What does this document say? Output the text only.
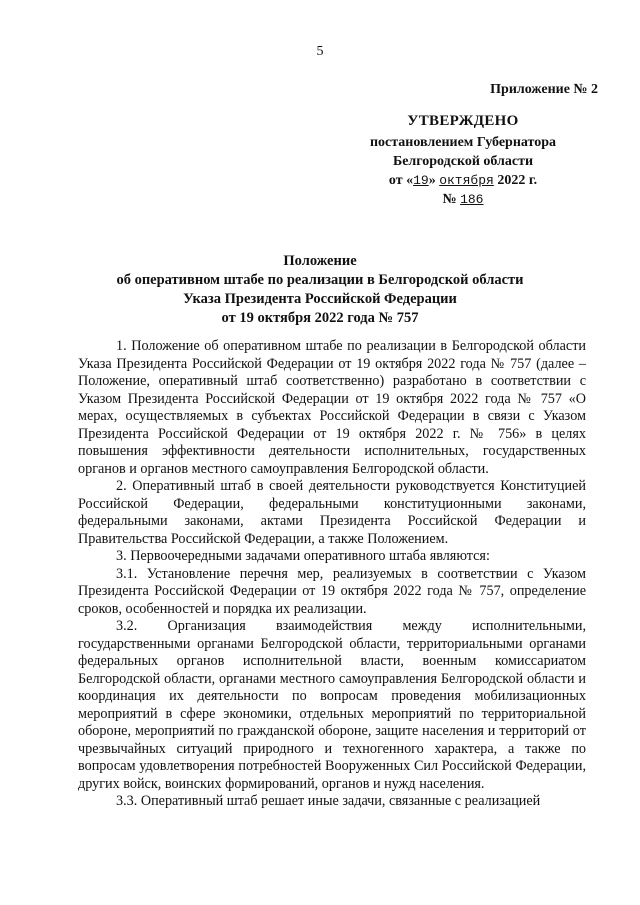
5
Приложение № 2
УТВЕРЖДЕНО
постановлением Губернатора
Белгородской области
от «19» октября 2022 г.
№ 186
Положение
об оперативном штабе по реализации в Белгородской области
Указа Президента Российской Федерации
от 19 октября 2022 года № 757

1. Положение об оперативном штабе по реализации в Белгородской области Указа Президента Российской Федерации от 19 октября 2022 года № 757 (далее – Положение, оперативный штаб соответственно) разработано в соответствии с Указом Президента Российской Федерации от 19 октября 2022 года № 757 «О мерах, осуществляемых в субъектах Российской Федерации в связи с Указом Президента Российской Федерации от 19 октября 2022 г. № 756» в целях повышения эффективности деятельности исполнительных, государственных органов и органов местного самоуправления Белгородской области.

2. Оперативный штаб в своей деятельности руководствуется Конституцией Российской Федерации, федеральными конституционными законами, федеральными законами, актами Президента Российской Федерации и Правительства Российской Федерации, а также Положением.

3. Первоочередными задачами оперативного штаба являются:

3.1. Установление перечня мер, реализуемых в соответствии с Указом Президента Российской Федерации от 19 октября 2022 года № 757, определение сроков, особенностей и порядка их реализации.

3.2. Организация взаимодействия между исполнительными, государственными органами Белгородской области, территориальными органами федеральных органов исполнительной власти, военным комиссариатом Белгородской области, органами местного самоуправления Белгородской области и координация их деятельности по вопросам проведения мобилизационных мероприятий в сфере экономики, отдельных мероприятий по территориальной обороне, мероприятий по гражданской обороне, защите населения и территорий от чрезвычайных ситуаций природного и техногенного характера, а также по вопросам удовлетворения потребностей Вооруженных Сил Российской Федерации, других войск, воинских формирований, органов и нужд населения.

3.3. Оперативный штаб решает иные задачи, связанные с реализацией
